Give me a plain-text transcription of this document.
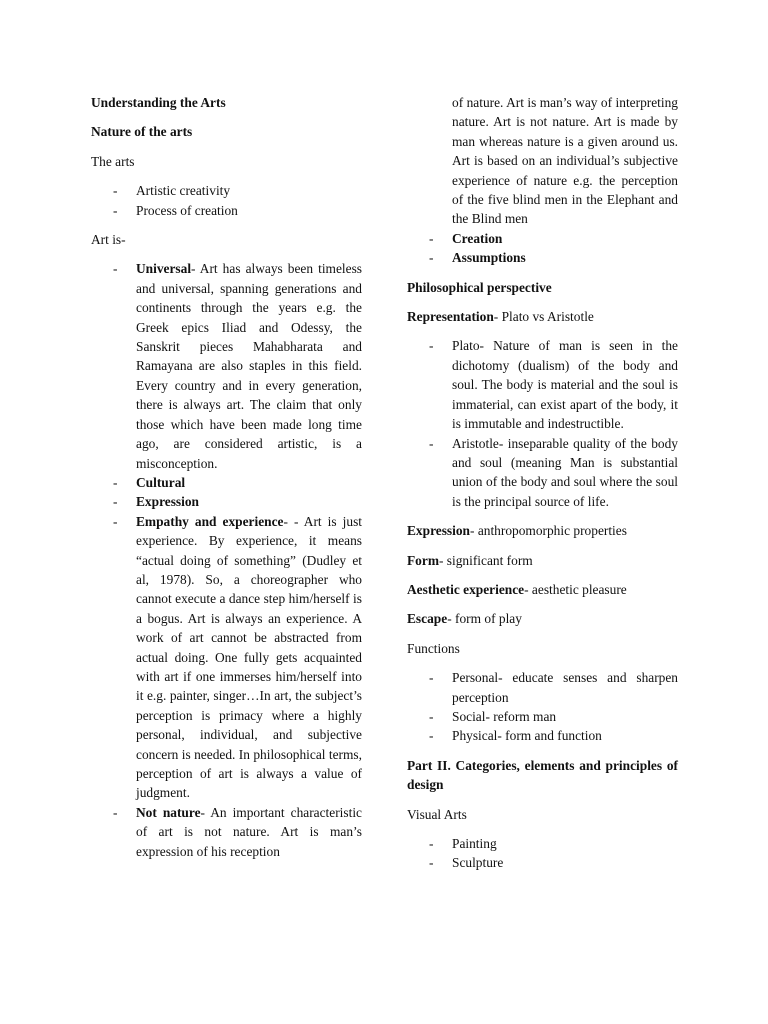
Understanding the Arts

Nature of the arts

The arts

- Artistic creativity
- Process of creation

Art is-

- Universal- Art has always been timeless and universal, spanning generations and continents through the years e.g. the Greek epics Iliad and Odessy, the Sanskrit pieces Mahabharata and Ramayana are also staples in this field. Every country and in every generation, there is always art. The claim that only those which have been made long time ago, are considered artistic, is a misconception.
- Cultural
- Expression
- Empathy and experience- - Art is just experience. By experience, it means “actual doing of something” (Dudley et al, 1978). So, a choreographer who cannot execute a dance step him/herself is a bogus. Art is always an experience. A work of art cannot be abstracted from actual doing. One fully gets acquainted with art if one immerses him/herself into it e.g. painter, singer…In art, the subject’s perception is primacy where a highly personal, individual, and subjective concern is needed. In philosophical terms, perception of art is always a value of judgment.
- Not nature- An important characteristic of art is not nature. Art is man’s expression of his reception

of nature. Art is man’s way of interpreting nature. Art is not nature. Art is made by man whereas nature is a given around us. Art is based on an individual’s subjective experience of nature e.g. the perception of the five blind men in the Elephant and the Blind men

- Creation
- Assumptions

Philosophical perspective

Representation- Plato vs Aristotle

- Plato- Nature of man is seen in the dichotomy (dualism) of the body and soul. The body is material and the soul is immaterial, can exist apart of the body, it is immutable and indestructible.
- Aristotle- inseparable quality of the body and soul (meaning Man is substantial union of the body and soul where the soul is the principal source of life.

Expression- anthropomorphic properties

Form- significant form

Aesthetic experience- aesthetic pleasure

Escape- form of play

Functions

- Personal- educate senses and sharpen perception
- Social- reform man
- Physical- form and function

Part II. Categories, elements and principles of design

Visual Arts

- Painting
- Sculpture
